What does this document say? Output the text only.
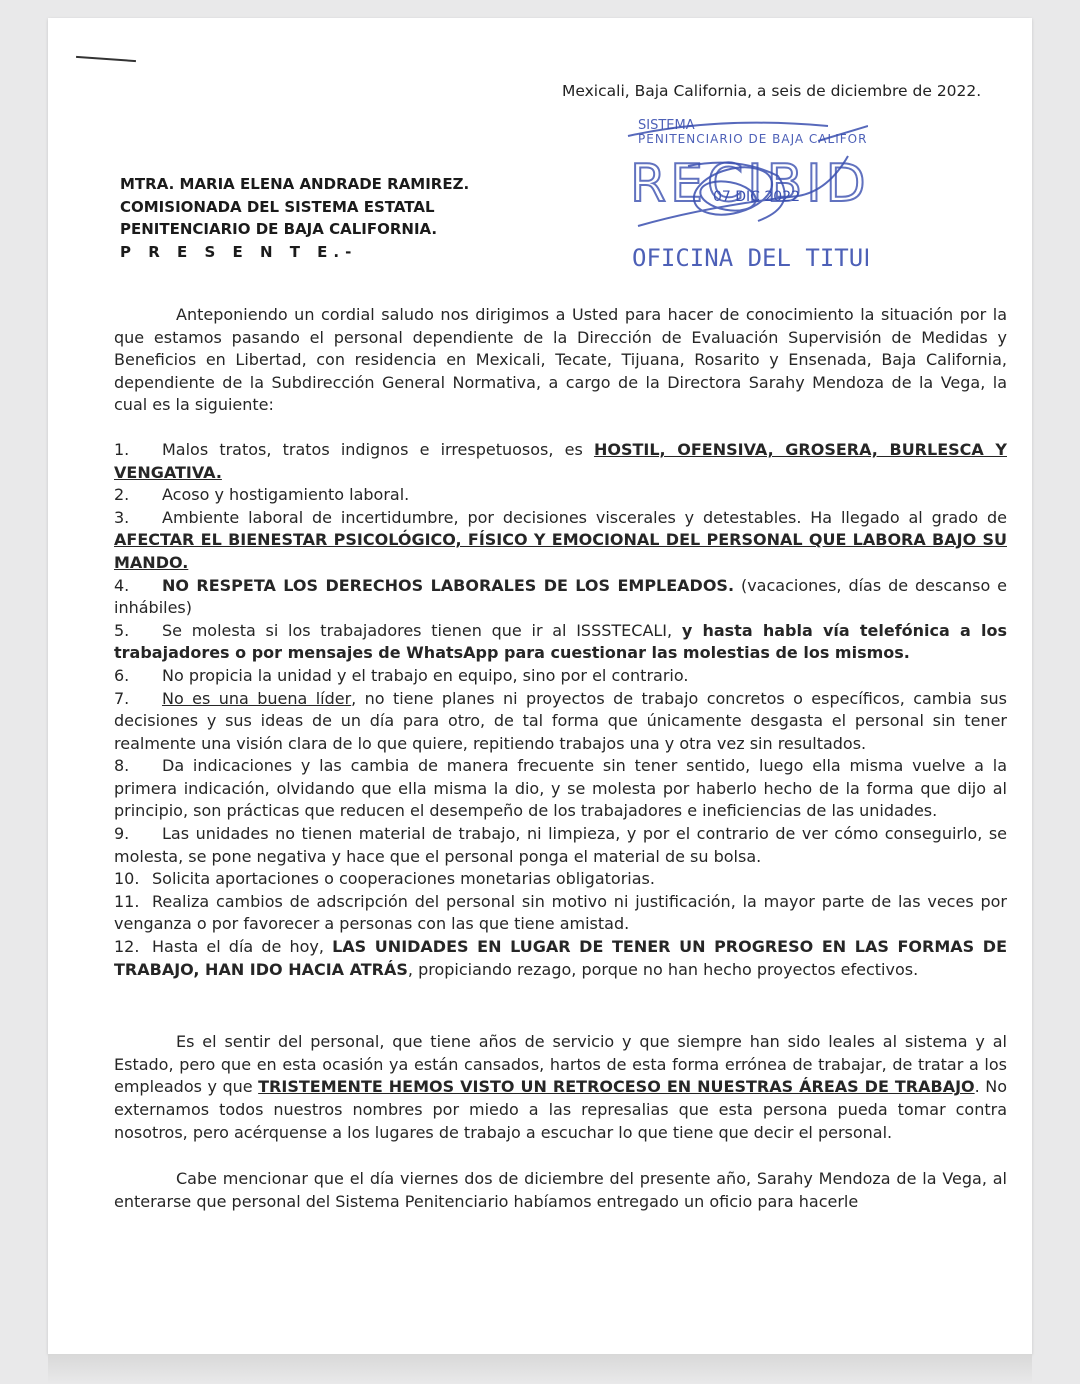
Mexicali, Baja California, a seis de diciembre de 2022.
SISTEMA
PENITENCIARIO DE BAJA CALIFORNIA
RECIBID
07 DIC 2022
OFICINA DEL TITU
MTRA. MARIA ELENA ANDRADE RAMIREZ.
COMISIONADA DEL SISTEMA ESTATAL
PENITENCIARIO DE BAJA CALIFORNIA.
P R E S E N T E.-

Anteponiendo un cordial saludo nos dirigimos a Usted para hacer de conocimiento la situación por la que estamos pasando el personal dependiente de la Dirección de Evaluación Supervisión de Medidas y Beneficios en Libertad, con residencia en Mexicali, Tecate, Tijuana, Rosarito y Ensenada, Baja California, dependiente de la Subdirección General Normativa, a cargo de la Directora Sarahy Mendoza de la Vega, la cual es la siguiente:

1. Malos tratos, tratos indignos e irrespetuosos, es HOSTIL, OFENSIVA, GROSERA, BURLESCA Y VENGATIVA.

2. Acoso y hostigamiento laboral.

3. Ambiente laboral de incertidumbre, por decisiones viscerales y detestables. Ha llegado al grado de AFECTAR EL BIENESTAR PSICOLÓGICO, FÍSICO Y EMOCIONAL DEL PERSONAL QUE LABORA BAJO SU MANDO.

4. NO RESPETA LOS DERECHOS LABORALES DE LOS EMPLEADOS. (vacaciones, días de descanso e inhábiles)

5. Se molesta si los trabajadores tienen que ir al ISSSTECALI, y hasta habla vía telefónica a los trabajadores o por mensajes de WhatsApp para cuestionar las molestias de los mismos.

6. No propicia la unidad y el trabajo en equipo, sino por el contrario.

7. No es una buena líder, no tiene planes ni proyectos de trabajo concretos o específicos, cambia sus decisiones y sus ideas de un día para otro, de tal forma que únicamente desgasta el personal sin tener realmente una visión clara de lo que quiere, repitiendo trabajos una y otra vez sin resultados.

8. Da indicaciones y las cambia de manera frecuente sin tener sentido, luego ella misma vuelve a la primera indicación, olvidando que ella misma la dio, y se molesta por haberlo hecho de la forma que dijo al principio, son prácticas que reducen el desempeño de los trabajadores e ineficiencias de las unidades.

9. Las unidades no tienen material de trabajo, ni limpieza, y por el contrario de ver cómo conseguirlo, se molesta, se pone negativa y hace que el personal ponga el material de su bolsa.

10. Solicita aportaciones o cooperaciones monetarias obligatorias.

11. Realiza cambios de adscripción del personal sin motivo ni justificación, la mayor parte de las veces por venganza o por favorecer a personas con las que tiene amistad.

12. Hasta el día de hoy, LAS UNIDADES EN LUGAR DE TENER UN PROGRESO EN LAS FORMAS DE TRABAJO, HAN IDO HACIA ATRÁS, propiciando rezago, porque no han hecho proyectos efectivos.

Es el sentir del personal, que tiene años de servicio y que siempre han sido leales al sistema y al Estado, pero que en esta ocasión ya están cansados, hartos de esta forma errónea de trabajar, de tratar a los empleados y que TRISTEMENTE HEMOS VISTO UN RETROCESO EN NUESTRAS ÁREAS DE TRABAJO. No externamos todos nuestros nombres por miedo a las represalias que esta persona pueda tomar contra nosotros, pero acérquense a los lugares de trabajo a escuchar lo que tiene que decir el personal.

Cabe mencionar que el día viernes dos de diciembre del presente año, Sarahy Mendoza de la Vega, al enterarse que personal del Sistema Penitenciario habíamos entregado un oficio para hacerle
